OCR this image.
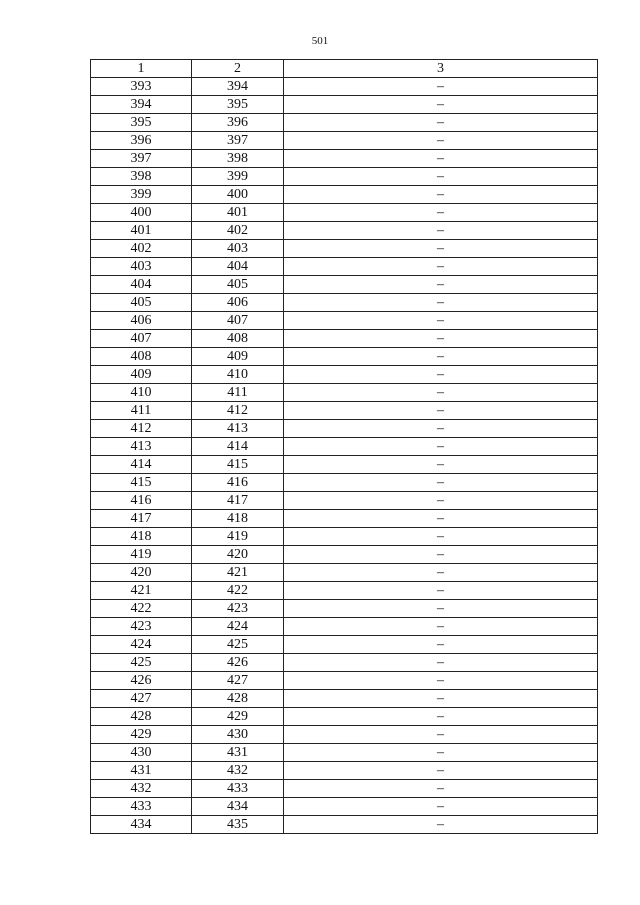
501
1	2	3
393	394	–
394	395	–
395	396	–
396	397	–
397	398	–
398	399	–
399	400	–
400	401	–
401	402	–
402	403	–
403	404	–
404	405	–
405	406	–
406	407	–
407	408	–
408	409	–
409	410	–
410	411	–
411	412	–
412	413	–
413	414	–
414	415	–
415	416	–
416	417	–
417	418	–
418	419	–
419	420	–
420	421	–
421	422	–
422	423	–
423	424	–
424	425	–
425	426	–
426	427	–
427	428	–
428	429	–
429	430	–
430	431	–
431	432	–
432	433	–
433	434	–
434	435	–
